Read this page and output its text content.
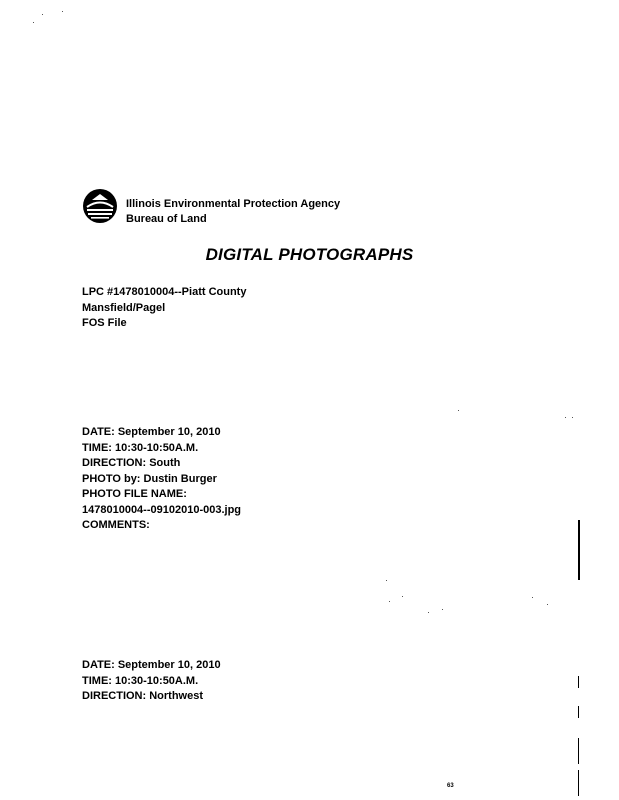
Illinois Environmental Protection Agency
Bureau of Land
DIGITAL PHOTOGRAPHS
LPC #1478010004--Piatt County
Mansfield/Pagel
FOS File
DATE: September 10, 2010
TIME: 10:30-10:50A.M.
DIRECTION: South
PHOTO by: Dustin Burger
PHOTO FILE NAME:
1478010004--09102010-003.jpg
COMMENTS:
DATE: September 10, 2010
TIME: 10:30-10:50A.M.
DIRECTION: Northwest
63
